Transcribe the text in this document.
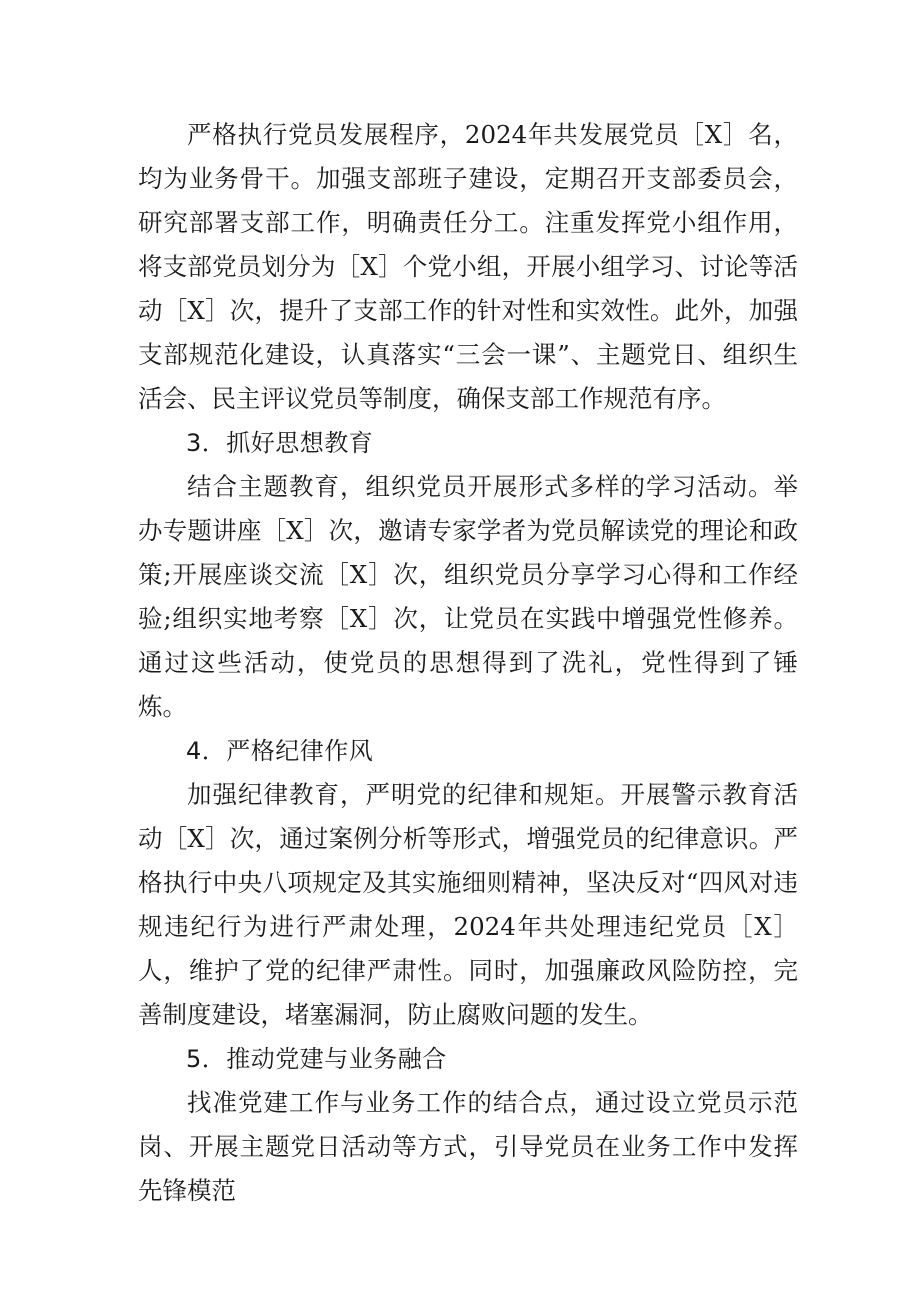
严格执行党员发展程序，2024年共发展党员［X］名，均为业务骨干。加强支部班子建设，定期召开支部委员会，研究部署支部工作，明确责任分工。注重发挥党小组作用，将支部党员划分为［X］个党小组，开展小组学习、讨论等活动［X］次，提升了支部工作的针对性和实效性。此外，加强支部规范化建设，认真落实“三会一课”、主题党日、组织生活会、民主评议党员等制度，确保支部工作规范有序。

3．抓好思想教育

结合主题教育，组织党员开展形式多样的学习活动。举办专题讲座［X］次，邀请专家学者为党员解读党的理论和政策;开展座谈交流［X］次，组织党员分享学习心得和工作经验;组织实地考察［X］次，让党员在实践中增强党性修养。通过这些活动，使党员的思想得到了洗礼，党性得到了锤炼。

4．严格纪律作风

加强纪律教育，严明党的纪律和规矩。开展警示教育活动［X］次，通过案例分析等形式，增强党员的纪律意识。严格执行中央八项规定及其实施细则精神，坚决反对“四风对违规违纪行为进行严肃处理，2024年共处理违纪党员［X］人，维护了党的纪律严肃性。同时，加强廉政风险防控，完善制度建设，堵塞漏洞，防止腐败问题的发生。

5．推动党建与业务融合

找准党建工作与业务工作的结合点，通过设立党员示范岗、开展主题党日活动等方式，引导党员在业务工作中发挥先锋模范
